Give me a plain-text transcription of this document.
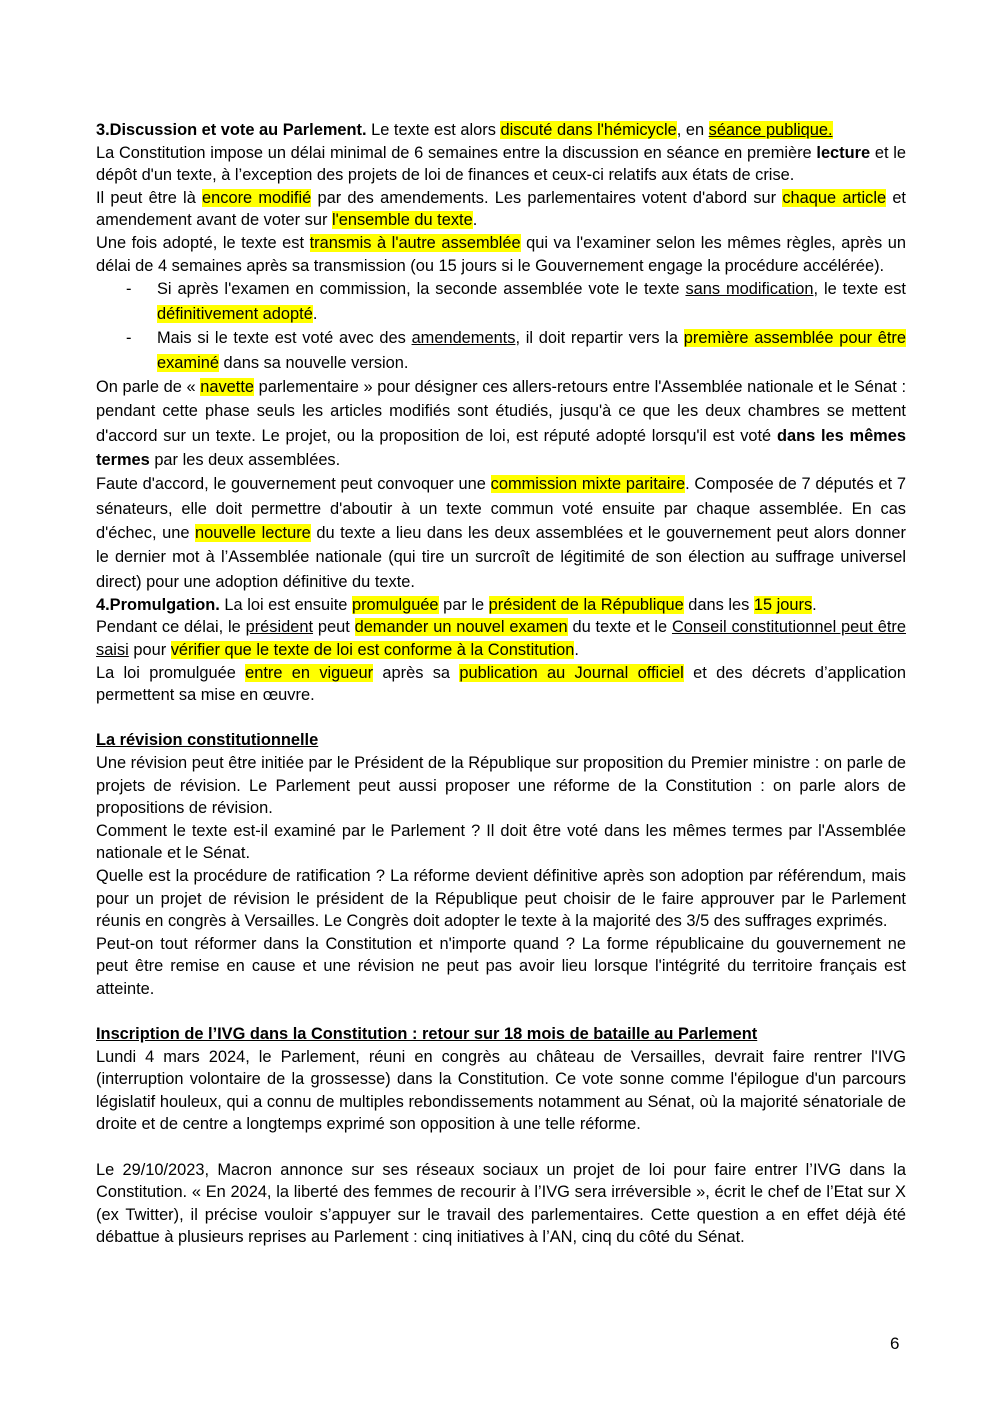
3.Discussion et vote au Parlement. Le texte est alors discuté dans l'hémicycle, en séance publique.

La Constitution impose un délai minimal de 6 semaines entre la discussion en séance en première lecture et le dépôt d'un texte, à l’exception des projets de loi de finances et ceux-ci relatifs aux états de crise.

Il peut être là encore modifié par des amendements. Les parlementaires votent d'abord sur chaque article et amendement avant de voter sur l'ensemble du texte.

Une fois adopté, le texte est transmis à l'autre assemblée qui va l'examiner selon les mêmes règles, après un délai de 4 semaines après sa transmission (ou 15 jours si le Gouvernement engage la procédure accélérée).

- Si après l'examen en commission, la seconde assemblée vote le texte sans modification, le texte est définitivement adopté.
- Mais si le texte est voté avec des amendements, il doit repartir vers la première assemblée pour être examiné dans sa nouvelle version.

On parle de « navette parlementaire » pour désigner ces allers-retours entre l'Assemblée nationale et le Sénat : pendant cette phase seuls les articles modifiés sont étudiés, jusqu'à ce que les deux chambres se mettent d'accord sur un texte. Le projet, ou la proposition de loi, est réputé adopté lorsqu'il est voté dans les mêmes termes par les deux assemblées.

Faute d'accord, le gouvernement peut convoquer une commission mixte paritaire. Composée de 7 députés et 7 sénateurs, elle doit permettre d'aboutir à un texte commun voté ensuite par chaque assemblée. En cas d'échec, une nouvelle lecture du texte a lieu dans les deux assemblées et le gouvernement peut alors donner le dernier mot à l’Assemblée nationale (qui tire un surcroît de légitimité de son élection au suffrage universel direct) pour une adoption définitive du texte.

4.Promulgation. La loi est ensuite promulguée par le président de la République dans les 15 jours.

Pendant ce délai, le président peut demander un nouvel examen du texte et le Conseil constitutionnel peut être saisi pour vérifier que le texte de loi est conforme à la Constitution.

La loi promulguée entre en vigueur après sa publication au Journal officiel et des décrets d’application permettent sa mise en œuvre.

La révision constitutionnelle

Une révision peut être initiée par le Président de la République sur proposition du Premier ministre : on parle de projets de révision. Le Parlement peut aussi proposer une réforme de la Constitution : on parle alors de propositions de révision.

Comment le texte est-il examiné par le Parlement ? Il doit être voté dans les mêmes termes par l'Assemblée nationale et le Sénat.

Quelle est la procédure de ratification ? La réforme devient définitive après son adoption par référendum, mais pour un projet de révision le président de la République peut choisir de le faire approuver par le Parlement réunis en congrès à Versailles. Le Congrès doit adopter le texte à la majorité des 3/5 des suffrages exprimés.

Peut-on tout réformer dans la Constitution et n'importe quand ? La forme républicaine du gouvernement ne peut être remise en cause et une révision ne peut pas avoir lieu lorsque l'intégrité du territoire français est atteinte.

Inscription de l’IVG dans la Constitution : retour sur 18 mois de bataille au Parlement

Lundi 4 mars 2024, le Parlement, réuni en congrès au château de Versailles, devrait faire rentrer l'IVG (interruption volontaire de la grossesse) dans la Constitution. Ce vote sonne comme l'épilogue d'un parcours législatif houleux, qui a connu de multiples rebondissements notamment au Sénat, où la majorité sénatoriale de droite et de centre a longtemps exprimé son opposition à une telle réforme.

Le 29/10/2023, Macron annonce sur ses réseaux sociaux un projet de loi pour faire entrer l’IVG dans la Constitution. « En 2024, la liberté des femmes de recourir à l’IVG sera irréversible », écrit le chef de l’Etat sur X (ex Twitter), il précise vouloir s’appuyer sur le travail des parlementaires. Cette question a en effet déjà été débattue à plusieurs reprises au Parlement : cinq initiatives à l’AN, cinq du côté du Sénat.

6
